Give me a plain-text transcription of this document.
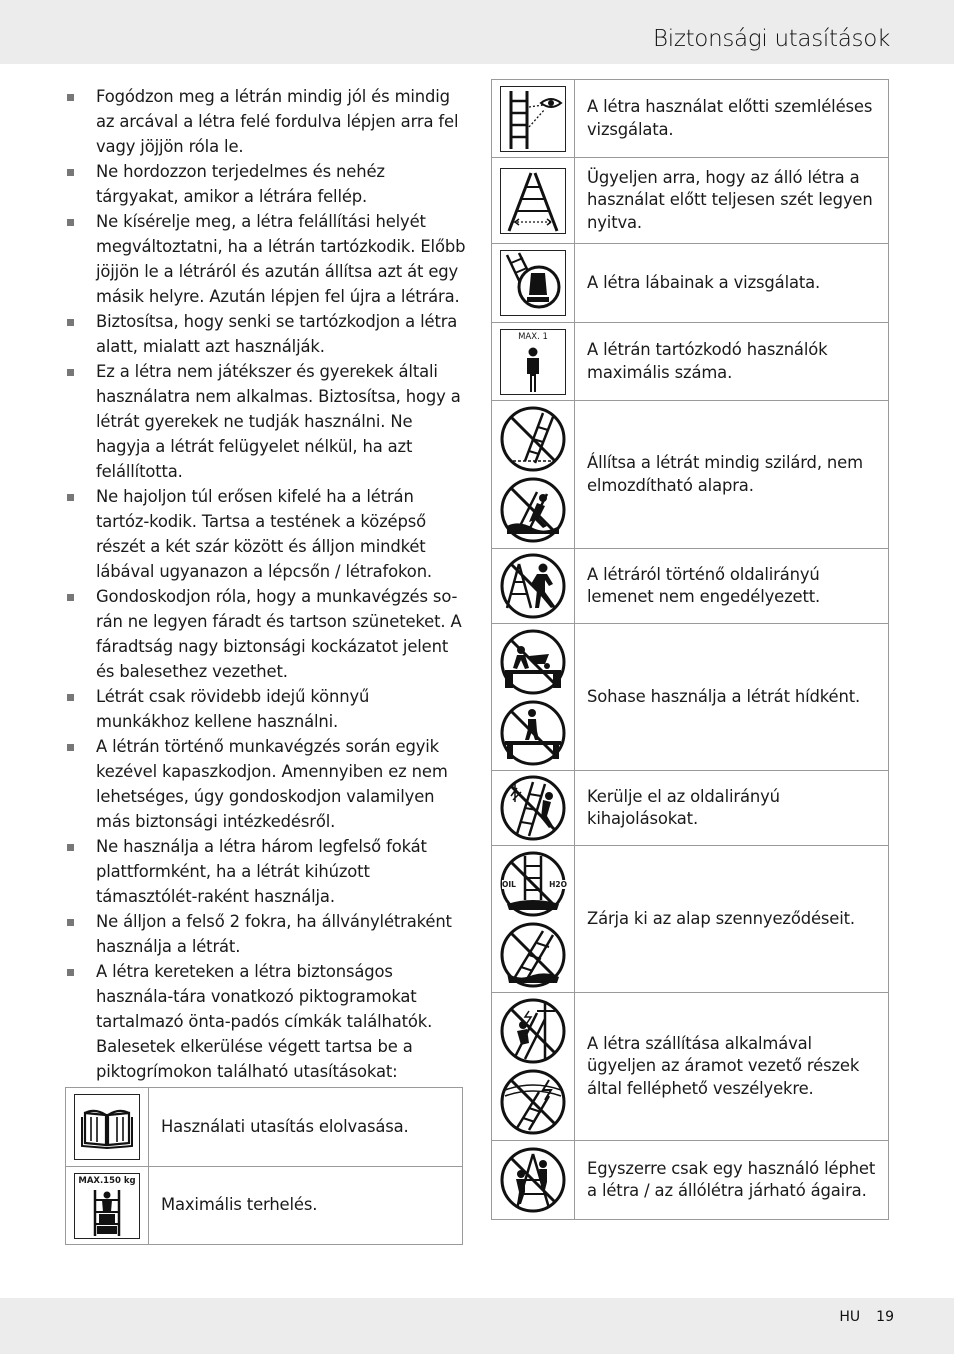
Biztonsági utasítások
Fogódzon meg a létrán mindig jól és mindig az arcával a létra felé fordulva lépjen arra fel vagy jöjjön róla le.
Ne hordozzon terjedelmes és nehéz tárgyakat, amikor a létrára fellép.
Ne kísérelje meg, a létra felállítási helyét megváltoztatni, ha a létrán tartózkodik. Előbb jöjjön le a létráról és azután állítsa azt át egy másik helyre. Azután lépjen fel újra a létrára.
Biztosítsa, hogy senki se tartózkodjon a létra alatt, mialatt azt használják.
Ez a létra nem játékszer és gyerekek általi használatra nem alkalmas. Biztosítsa, hogy a létrát gyerekek ne tudják használni. Ne hagyja a létrát felügyelet nélkül, ha azt felállította.
Ne hajoljon túl erősen kifelé ha a létrán tartóz-kodik. Tartsa a testének a középső részét a két szár között és álljon mindkét lábával ugyanazon a lépcsőn / létrafokon.
Gondoskodjon róla, hogy a munkavégzés so-rán ne legyen fáradt és tartson szüneteket. A fáradtság nagy biztonsági kockázatot jelent és balesethez vezethet.
Létrát csak rövidebb idejű könnyű munkákhoz kellene használni.
A létrán történő munkavégzés során egyik kezével kapaszkodjon. Amennyiben ez nem lehetséges, úgy gondoskodjon valamilyen más biztonsági intézkedésről.
Ne használja a létra három legfelső fokát plattformként, ha a létrát kihúzott támasztólét-raként használja.
Ne álljon a felső 2 fokra, ha állványlétraként használja a létrát.
A létra kereteken a létra biztonságos használa-tára vonatkozó piktogramokat tartalmazó önta-padós címkák találhatók. Balesetek elkerülése végett tartsa be a piktogrímokon található utasításokat:
	Használati utasítás elolvasása.

MAX.150 kg	Maximális terhelés.
	A létra használat előtti szemléléses vizsgálata.

	Ügyeljen arra, hogy az álló létra a használat előtt teljesen szét legyen nyitva.

	A létra lábainak a vizsgálata.

MAX. 1	A létrán tartózkodó használók maximális száma.

	Állítsa a létrát mindig szilárd, nem elmozdítható alapra.

	A létráról történő oldalirányú lemenet nem engedélyezett.

	Sohase használja a létrát hídként.

	Kerülje el az oldalirányú kihajolásokat.

OIL H2O	Zárja ki az alap szennyeződéseit.

	A létra szállítása alkalmával ügyeljen az áramot vezető részek által felléphető veszélyekre.

	Egyszerre csak egy használó léphet a létra / az állólétra járható ágaira.
HU 19
